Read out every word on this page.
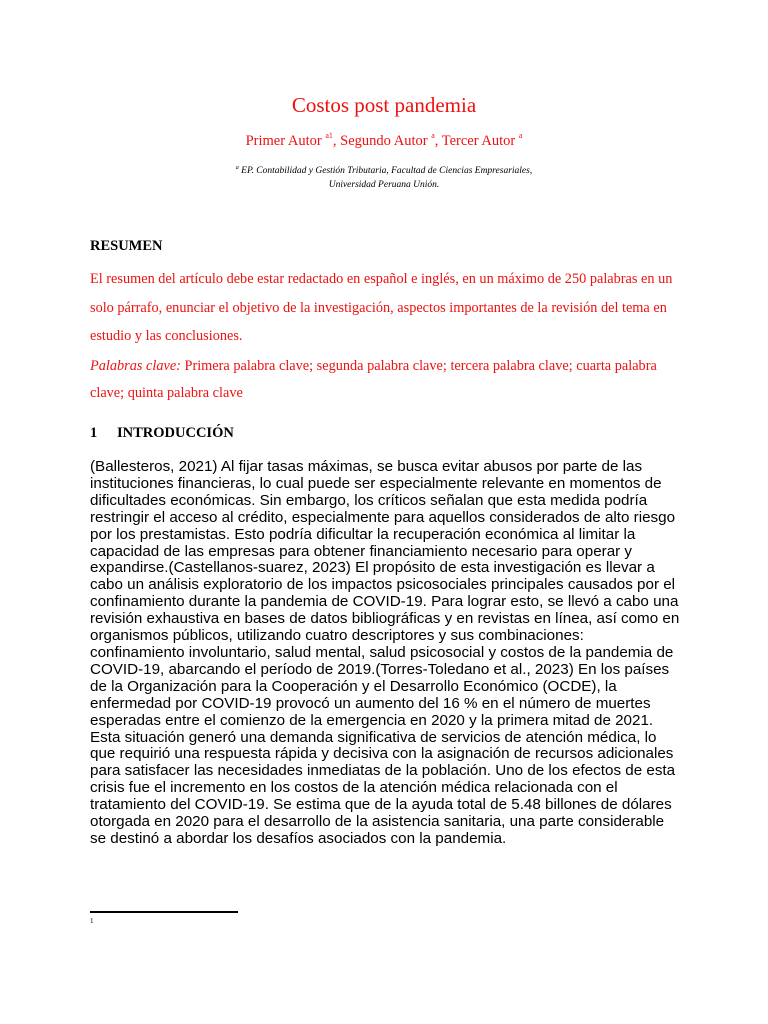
Costos post pandemia
Primer Autor $^{a1}$, Segundo Autor $^a$, Tercer Autor $^a$
$^a$ EP. Contabilidad y Gestión Tributaria, Facultad de Ciencias Empresariales,
Universidad Peruana Unión.
RESUMEN
El resumen del artículo debe estar redactado en español e inglés, en un máximo de 250 palabras en un solo párrafo, enunciar el objetivo de la investigación, aspectos importantes de la revisión del tema en estudio y las conclusiones.
Palabras clave: Primera palabra clave; segunda palabra clave; tercera palabra clave; cuarta palabra clave; quinta palabra clave
1 INTRODUCCIÓN
(Ballesteros, 2021) Al fijar tasas máximas, se busca evitar abusos por parte de las
instituciones financieras, lo cual puede ser especialmente relevante en momentos de
dificultades económicas. Sin embargo, los críticos señalan que esta medida podría
restringir el acceso al crédito, especialmente para aquellos considerados de alto riesgo
por los prestamistas. Esto podría dificultar la recuperación económica al limitar la
capacidad de las empresas para obtener financiamiento necesario para operar y
expandirse.(Castellanos-suarez, 2023) El propósito de esta investigación es llevar a
cabo un análisis exploratorio de los impactos psicosociales principales causados por el
confinamiento durante la pandemia de COVID-19. Para lograr esto, se llevó a cabo una
revisión exhaustiva en bases de datos bibliográficas y en revistas en línea, así como en
organismos públicos, utilizando cuatro descriptores y sus combinaciones:
confinamiento involuntario, salud mental, salud psicosocial y costos de la pandemia de
COVID-19, abarcando el período de 2019.(Torres-Toledano et al., 2023) En los países
de la Organización para la Cooperación y el Desarrollo Económico (OCDE), la
enfermedad por COVID-19 provocó un aumento del 16 % en el número de muertes
esperadas entre el comienzo de la emergencia en 2020 y la primera mitad de 2021.
Esta situación generó una demanda significativa de servicios de atención médica, lo
que requirió una respuesta rápida y decisiva con la asignación de recursos adicionales
para satisfacer las necesidades inmediatas de la población. Uno de los efectos de esta
crisis fue el incremento en los costos de la atención médica relacionada con el
tratamiento del COVID-19. Se estima que de la ayuda total de 5.48 billones de dólares
otorgada en 2020 para el desarrollo de la asistencia sanitaria, una parte considerable
se destinó a abordar los desafíos asociados con la pandemia.
1
